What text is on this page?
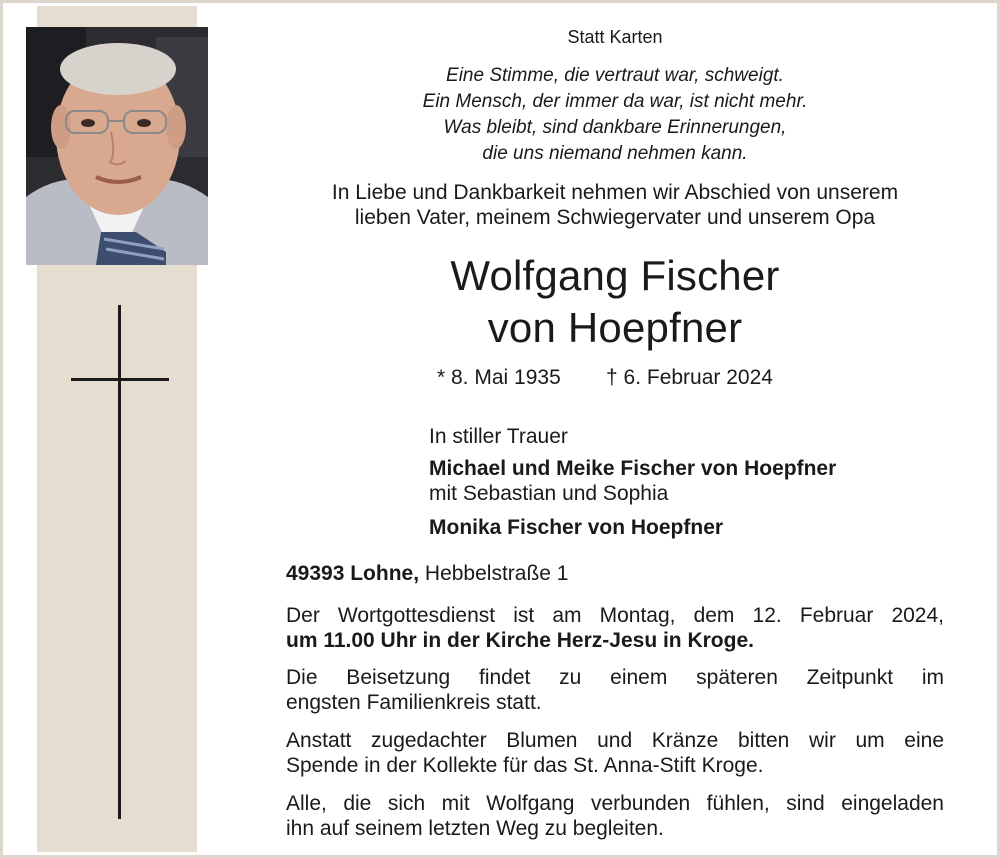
Statt Karten
Eine Stimme, die vertraut war, schweigt.
Ein Mensch, der immer da war, ist nicht mehr.
Was bleibt, sind dankbare Erinnerungen,
die uns niemand nehmen kann.
In Liebe und Dankbarkeit nehmen wir Abschied von unserem
lieben Vater, meinem Schwiegervater und unserem Opa
Wolfgang Fischer
von Hoepfner
* 8. Mai 1935 † 6. Februar 2024
In stiller Trauer
Michael und Meike Fischer von Hoepfner
mit Sebastian und Sophia
Monika Fischer von Hoepfner
49393 Lohne, Hebbelstraße 1
Der Wortgottesdienst ist am Montag, dem 12. Februar 2024,
um 11.00 Uhr in der Kirche Herz-Jesu in Kroge.
Die Beisetzung findet zu einem späteren Zeitpunkt im
engsten Familienkreis statt.
Anstatt zugedachter Blumen und Kränze bitten wir um eine
Spende in der Kollekte für das St. Anna-Stift Kroge.
Alle, die sich mit Wolfgang verbunden fühlen, sind eingeladen
ihn auf seinem letzten Weg zu begleiten.
